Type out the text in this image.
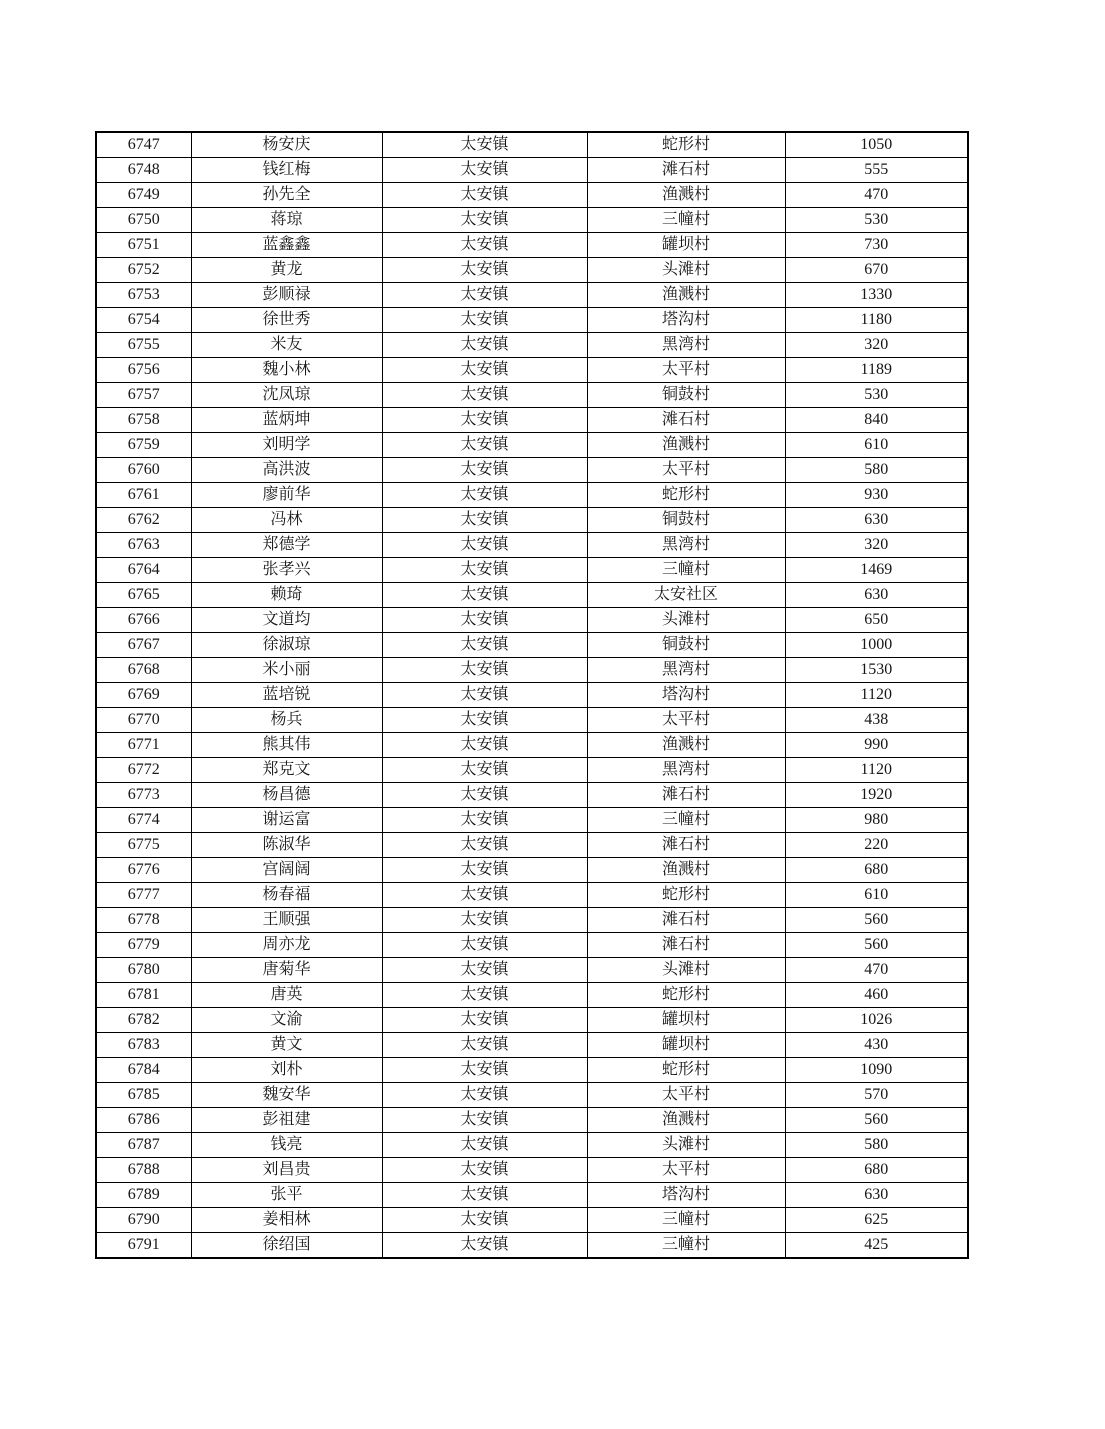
6747	杨安庆	太安镇	蛇形村	1050
6748	钱红梅	太安镇	滩石村	555
6749	孙先全	太安镇	渔溅村	470
6750	蒋琼	太安镇	三幢村	530
6751	蓝鑫鑫	太安镇	罐坝村	730
6752	黄龙	太安镇	头滩村	670
6753	彭顺禄	太安镇	渔溅村	1330
6754	徐世秀	太安镇	塔沟村	1180
6755	米友	太安镇	黑湾村	320
6756	魏小林	太安镇	太平村	1189
6757	沈凤琼	太安镇	铜鼓村	530
6758	蓝炳坤	太安镇	滩石村	840
6759	刘明学	太安镇	渔溅村	610
6760	高洪波	太安镇	太平村	580
6761	廖前华	太安镇	蛇形村	930
6762	冯林	太安镇	铜鼓村	630
6763	郑德学	太安镇	黑湾村	320
6764	张孝兴	太安镇	三幢村	1469
6765	赖琦	太安镇	太安社区	630
6766	文道均	太安镇	头滩村	650
6767	徐淑琼	太安镇	铜鼓村	1000
6768	米小丽	太安镇	黑湾村	1530
6769	蓝培锐	太安镇	塔沟村	1120
6770	杨兵	太安镇	太平村	438
6771	熊其伟	太安镇	渔溅村	990
6772	郑克文	太安镇	黑湾村	1120
6773	杨昌德	太安镇	滩石村	1920
6774	谢运富	太安镇	三幢村	980
6775	陈淑华	太安镇	滩石村	220
6776	宫阔阔	太安镇	渔溅村	680
6777	杨春福	太安镇	蛇形村	610
6778	王顺强	太安镇	滩石村	560
6779	周亦龙	太安镇	滩石村	560
6780	唐菊华	太安镇	头滩村	470
6781	唐英	太安镇	蛇形村	460
6782	文渝	太安镇	罐坝村	1026
6783	黄文	太安镇	罐坝村	430
6784	刘朴	太安镇	蛇形村	1090
6785	魏安华	太安镇	太平村	570
6786	彭祖建	太安镇	渔溅村	560
6787	钱亮	太安镇	头滩村	580
6788	刘昌贵	太安镇	太平村	680
6789	张平	太安镇	塔沟村	630
6790	姜相林	太安镇	三幢村	625
6791	徐绍国	太安镇	三幢村	425
